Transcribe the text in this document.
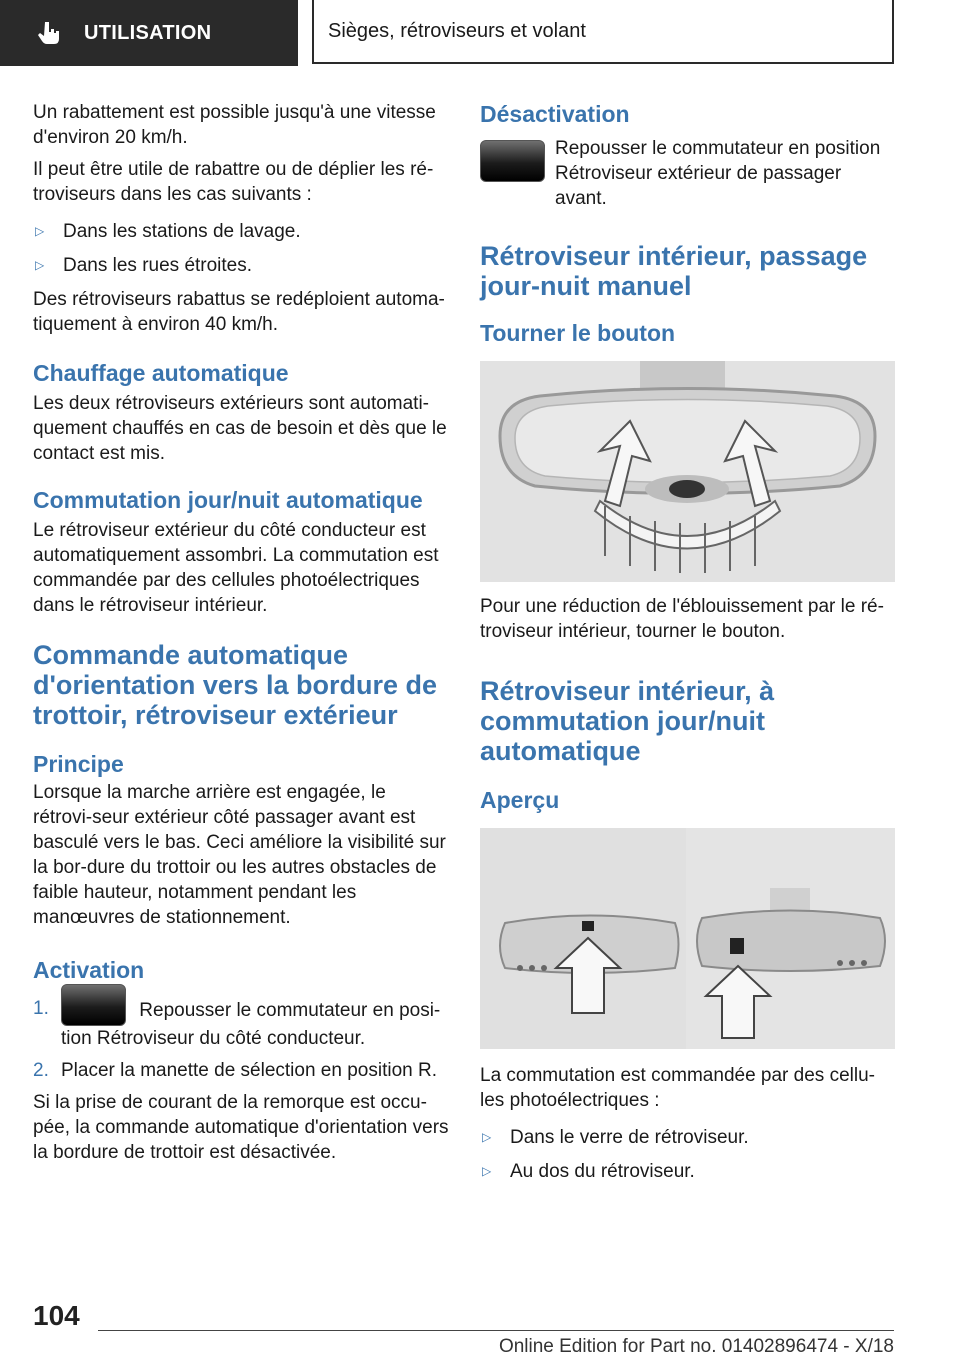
UTILISATION	Sièges, rétroviseurs et volant

Un rabattement est possible jusqu'à une vitesse d'environ 20 km/h.

Il peut être utile de rabattre ou de déplier les ré‐troviseurs dans les cas suivants :

▷ Dans les stations de lavage.
▷ Dans les rues étroites.

Des rétroviseurs rabattus se redéploient automa‐tiquement à environ 40 km/h.

Chauffage automatique

Les deux rétroviseurs extérieurs sont automati‐quement chauffés en cas de besoin et dès que le contact est mis.

Commutation jour/nuit automatique

Le rétroviseur extérieur du côté conducteur est automatiquement assombri. La commutation est commandée par des cellules photoélectriques dans le rétroviseur intérieur.

Commande automatique d'orientation vers la bordure de trottoir, rétroviseur extérieur
Principe

Lorsque la marche arrière est engagée, le rétrovi‐seur extérieur côté passager avant est basculé vers le bas. Ceci améliore la visibilité sur la bor‐dure du trottoir ou les autres obstacles de faible hauteur, notamment pendant les manœuvres de stationnement.

Activation
1.	Repousser le commutateur en posi‐tion Rétroviseur du côté conducteur.
2. Placer la manette de sélection en position R.

Si la prise de courant de la remorque est occu‐pée, la commande automatique d'orientation vers la bordure de trottoir est désactivée.

Désactivation

Repousser le commutateur en position Rétroviseur extérieur de passager avant.

Rétroviseur intérieur, passage jour-nuit manuel
Tourner le bouton

Pour une réduction de l'éblouissement par le ré‐troviseur intérieur, tourner le bouton.

Rétroviseur intérieur, à commutation jour/nuit automatique
Aperçu

La commutation est commandée par des cellu‐les photoélectriques :

▷ Dans le verre de rétroviseur.
▷ Au dos du rétroviseur.
104
Online Edition for Part no. 01402896474 - X/18
